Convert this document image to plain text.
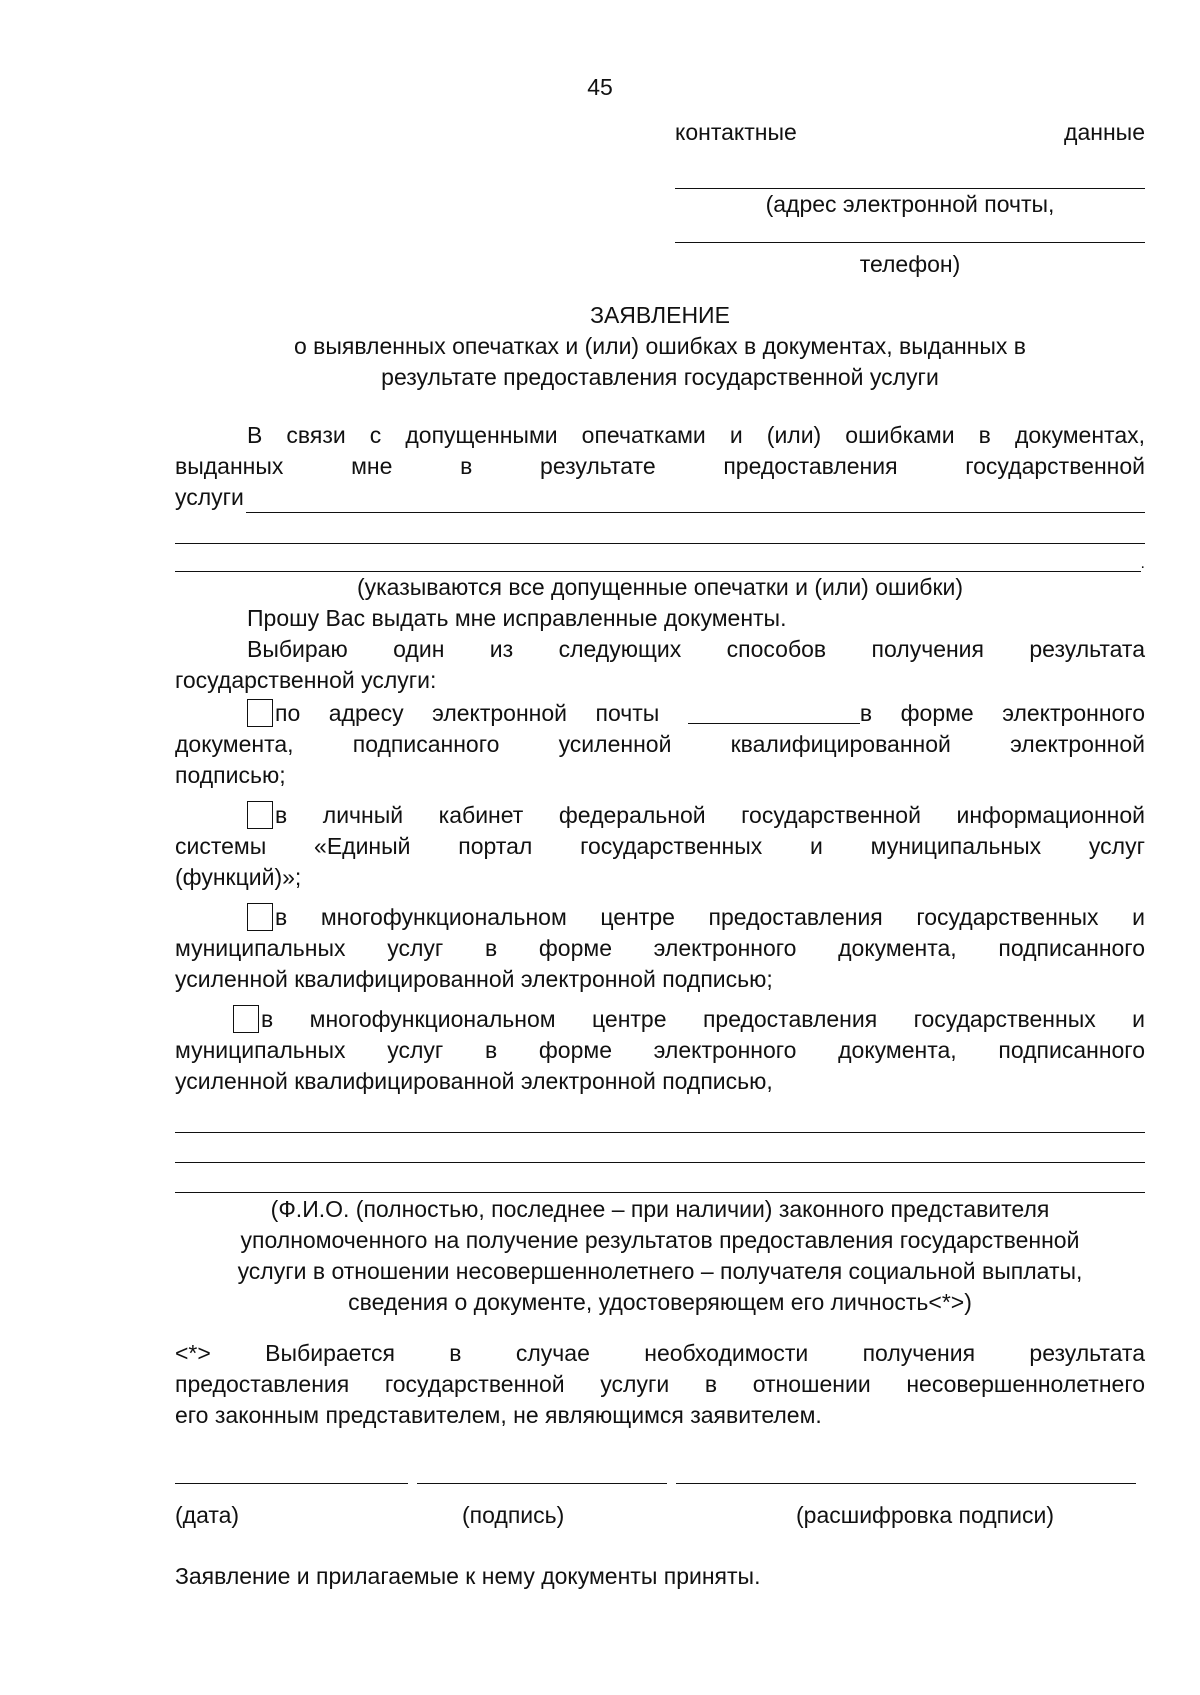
45
контактные	данные
(адрес электронной почты,
телефон)
ЗАЯВЛЕНИЕ
о выявленных опечатках и (или) ошибках в документах, выданных в
результате предоставления государственной услуги
В связи с допущенными опечатками и (или) ошибками в документах,
выданных мне в результате предоставления государственной
услуги
.
(указываются все допущенные опечатки и (или) ошибки)
Прошу Вас выдать мне исправленные документы.
Выбираю один из следующих способов получения результата
государственной услуги:
по адресу электронной почты	в форме электронного
документа, подписанного усиленной квалифицированной электронной
подписью;
в личный кабинет федеральной государственной информационной
системы «Единый портал государственных и муниципальных услуг
(функций)»;
в многофункциональном центре предоставления государственных и
муниципальных услуг в форме электронного документа, подписанного
усиленной квалифицированной электронной подписью;
в многофункциональном центре предоставления государственных и
муниципальных услуг в форме электронного документа, подписанного
усиленной квалифицированной электронной подписью,
(Ф.И.О. (полностью, последнее – при наличии) законного представителя
уполномоченного на получение результатов предоставления государственной
услуги в отношении несовершеннолетнего – получателя социальной выплаты,
сведения о документе, удостоверяющем его личность<*>)
<*> Выбирается в случае необходимости получения результата
предоставления государственной услуги в отношении несовершеннолетнего
его законным представителем, не являющимся заявителем.
(дата)	(подпись)	(расшифровка подписи)
Заявление и прилагаемые к нему документы приняты.
